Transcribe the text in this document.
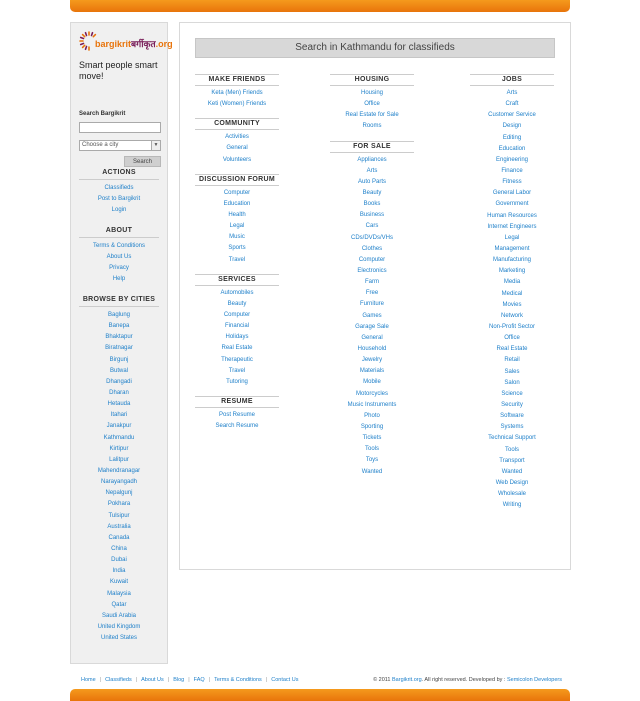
bargikritबर्गीकृत.org
Smart people smart move!
Search Bargikrit
Choose a city	▼
Search
ACTIONS
Classifieds
Post to Bargikrit
Login
ABOUT
Terms & Conditions
About Us
Privacy
Help
BROWSE BY CITIES
Baglung
Banepa
Bhaktapur
Biratnagar
Birgunj
Butwal
Dhangadi
Dharan
Hetauda
Itahari
Janakpur
Kathmandu
Kirtipur
Lalitpur
Mahendranagar
Narayangadh
Nepalgunj
Pokhara
Tulsipur
Australia
Canada
China
Dubai
India
Kuwait
Malaysia
Qatar
Saudi Arabia
United Kingdom
United States
Search in Kathmandu for classifieds
MAKE FRIENDS
Keta (Men) Friends
Keti (Women) Friends
COMMUNITY
Activities
General
Volunteers
DISCUSSION FORUM
Computer
Education
Health
Legal
Music
Sports
Travel
SERVICES
Automobiles
Beauty
Computer
Financial
Holidays
Real Estate
Therapeutic
Travel
Tutoring
RESUME
Post Resume
Search Resume
HOUSING
Housing
Office
Real Estate for Sale
Rooms
FOR SALE
Appliances
Arts
Auto Parts
Beauty
Books
Business
Cars
CDs/DVDs/VHs
Clothes
Computer
Electronics
Farm
Free
Furniture
Games
Garage Sale
General
Household
Jewelry
Materials
Mobile
Motorcycles
Music Instruments
Photo
Sporting
Tickets
Tools
Toys
Wanted
JOBS
Arts
Craft
Customer Service
Design
Editing
Education
Engineering
Finance
Fitness
General Labor
Government
Human Resources
Internet Engineers
Legal
Management
Manufacturing
Marketing
Media
Medical
Movies
Network
Non-Profit Sector
Office
Real Estate
Retail
Sales
Salon
Science
Security
Software
Systems
Technical Support
Tools
Transport
Wanted
Web Design
Wholesale
Writing
Home | Classifieds | About Us | Blog | FAQ | Terms & Conditions | Contact Us	© 2011 Bargikrit.org. All right reserved. Developed by : Semicolon Developers
